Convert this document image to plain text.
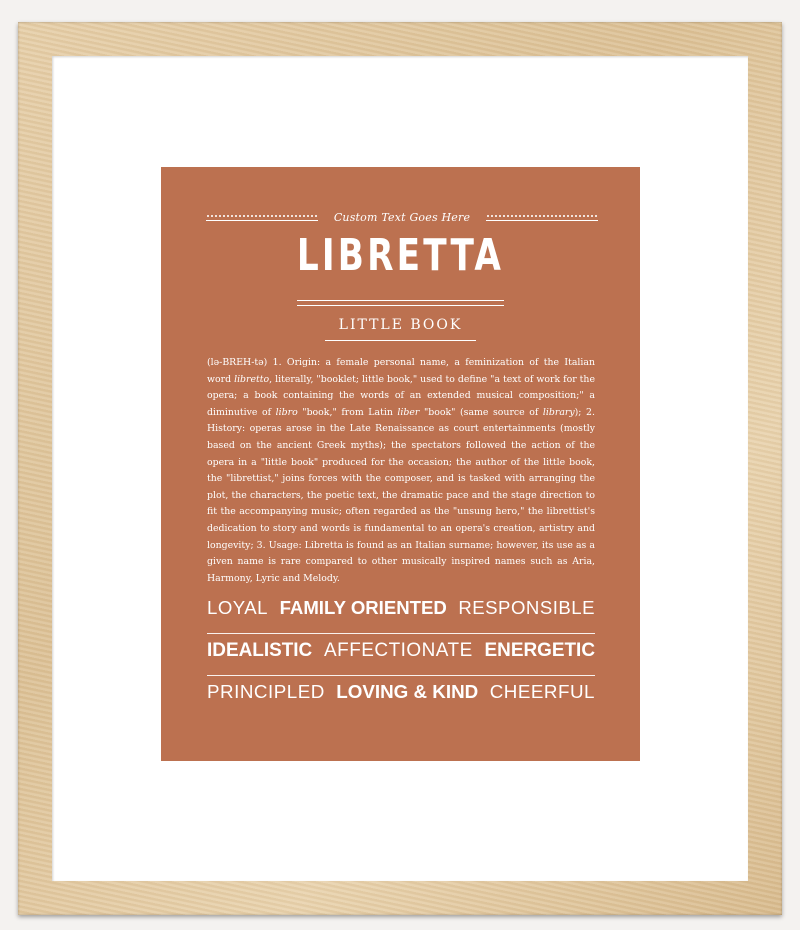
Custom Text Goes Here
LIBRETTA
LITTLE BOOK
(lə-BREH-tə) 1. Origin: a female personal name, a feminization of the Italian word libretto, literally, "booklet; little book," used to define "a text of work for the opera; a book containing the words of an extended musical composition;" a diminutive of libro "book," from Latin liber "book" (same source of library); 2. History: operas arose in the Late Renaissance as court entertainments (mostly based on the ancient Greek myths); the spectators followed the action of the opera in a "little book" produced for the occasion; the author of the little book, the "librettist," joins forces with the composer, and is tasked with arranging the plot, the characters, the poetic text, the dramatic pace and the stage direction to fit the accompanying music; often regarded as the "unsung hero," the librettist's dedication to story and words is fundamental to an opera's creation, artistry and longevity; 3. Usage: Libretta is found as an Italian surname; however, its use as a given name is rare compared to other musically inspired names such as Aria, Harmony, Lyric and Melody.
LOYAL FAMILY ORIENTED RESPONSIBLE
IDEALISTIC AFFECTIONATE ENERGETIC
PRINCIPLED LOVING & KIND CHEERFUL
